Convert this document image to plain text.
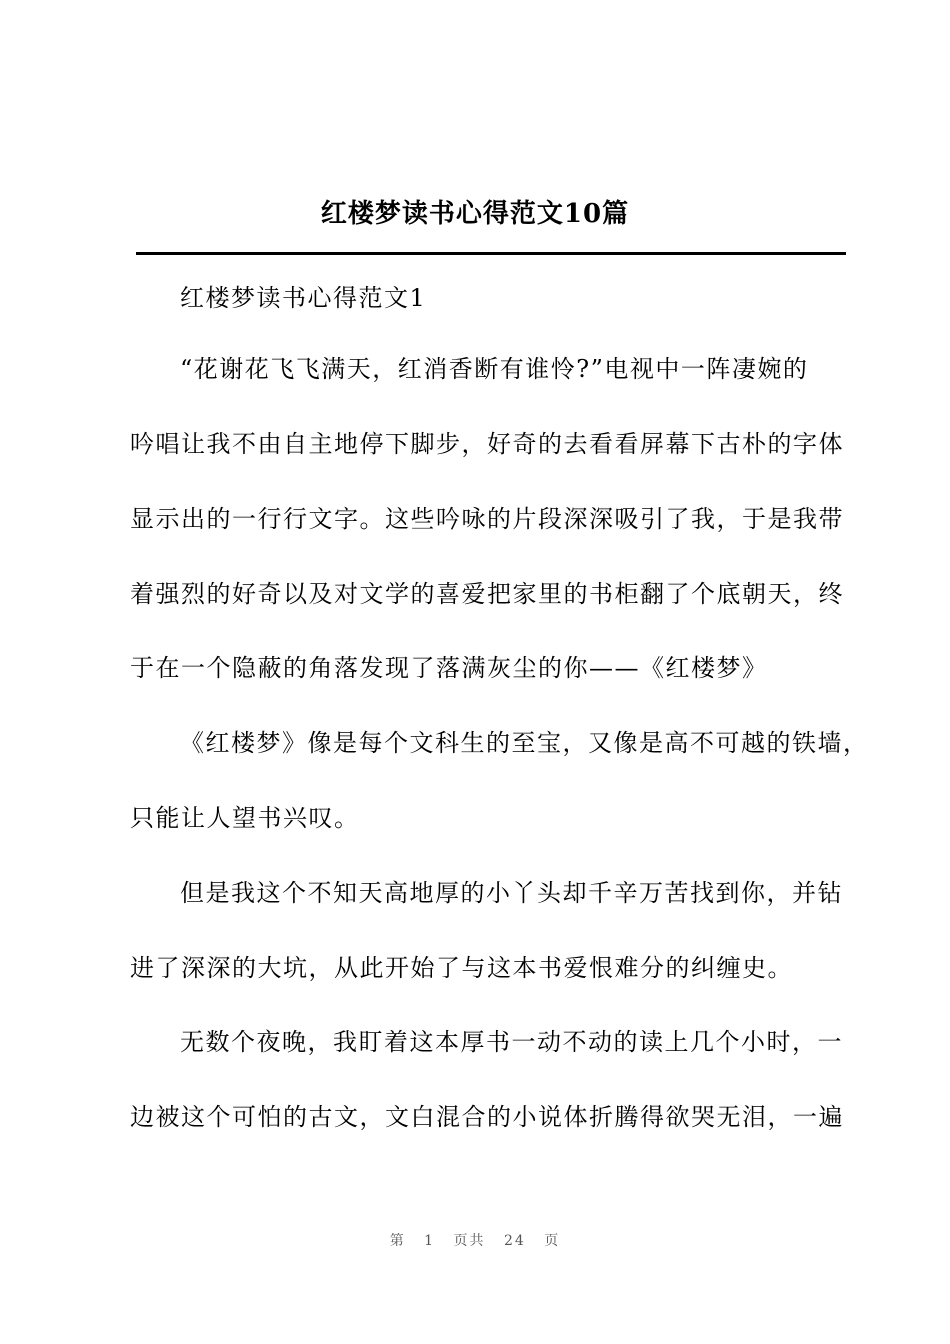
红楼梦读书心得范文10篇
红楼梦读书心得范文1
“花谢花飞飞满天，红消香断有谁怜?”电视中一阵凄婉的
吟唱让我不由自主地停下脚步，好奇的去看看屏幕下古朴的字体
显示出的一行行文字。这些吟咏的片段深深吸引了我，于是我带
着强烈的好奇以及对文学的喜爱把家里的书柜翻了个底朝天，终
于在一个隐蔽的角落发现了落满灰尘的你——《红楼梦》
《红楼梦》像是每个文科生的至宝，又像是高不可越的铁墙，
只能让人望书兴叹。
但是我这个不知天高地厚的小丫头却千辛万苦找到你，并钻
进了深深的大坑，从此开始了与这本书爱恨难分的纠缠史。
无数个夜晚，我盯着这本厚书一动不动的读上几个小时，一
边被这个可怕的古文，文白混合的小说体折腾得欲哭无泪，一遍
第 1 页共 24 页
